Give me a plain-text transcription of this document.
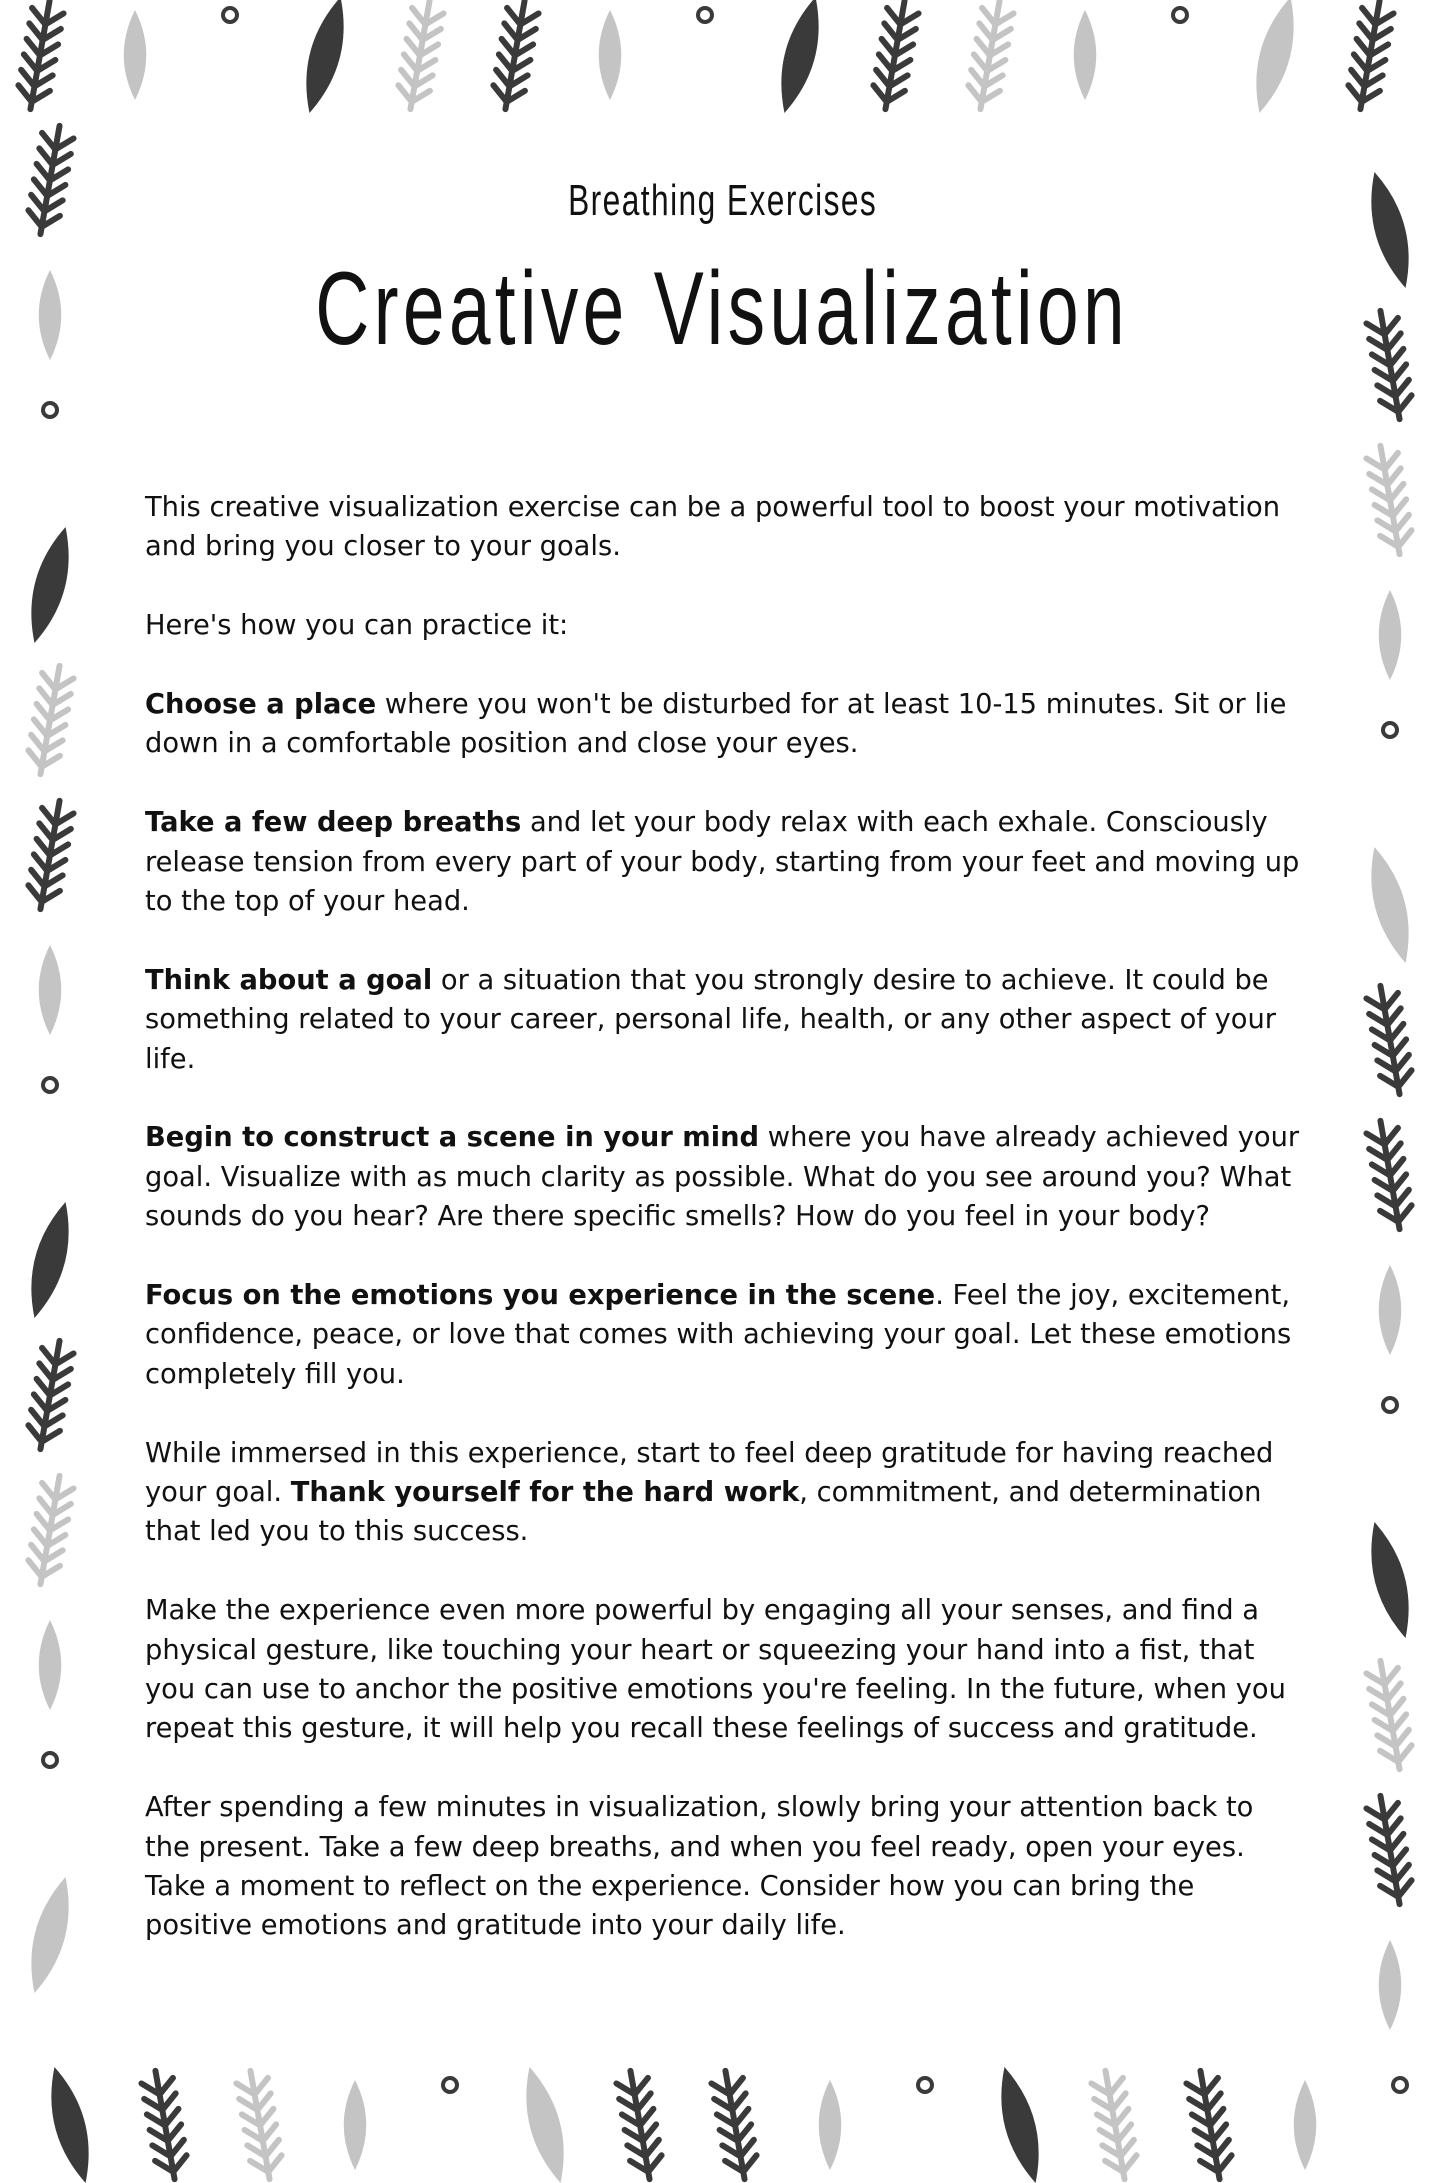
Breathing Exercises
Creative Visualization

This creative visualization exercise can be a powerful tool to boost your motivation and bring you closer to your goals.

Here's how you can practice it:

Choose a place where you won't be disturbed for at least 10-15 minutes. Sit or lie down in a comfortable position and close your eyes.

Take a few deep breaths and let your body relax with each exhale. Consciously release tension from every part of your body, starting from your feet and moving up to the top of your head.

Think about a goal or a situation that you strongly desire to achieve. It could be something related to your career, personal life, health, or any other aspect of your life.

Begin to construct a scene in your mind where you have already achieved your goal. Visualize with as much clarity as possible. What do you see around you? What sounds do you hear? Are there specific smells? How do you feel in your body?

Focus on the emotions you experience in the scene. Feel the joy, excitement, confidence, peace, or love that comes with achieving your goal. Let these emotions completely fill you.

While immersed in this experience, start to feel deep gratitude for having reached your goal. Thank yourself for the hard work, commitment, and determination that led you to this success.

Make the experience even more powerful by engaging all your senses, and find a physical gesture, like touching your heart or squeezing your hand into a fist, that you can use to anchor the positive emotions you're feeling. In the future, when you repeat this gesture, it will help you recall these feelings of success and gratitude.

After spending a few minutes in visualization, slowly bring your attention back to the present. Take a few deep breaths, and when you feel ready, open your eyes. Take a moment to reflect on the experience. Consider how you can bring the positive emotions and gratitude into your daily life.
